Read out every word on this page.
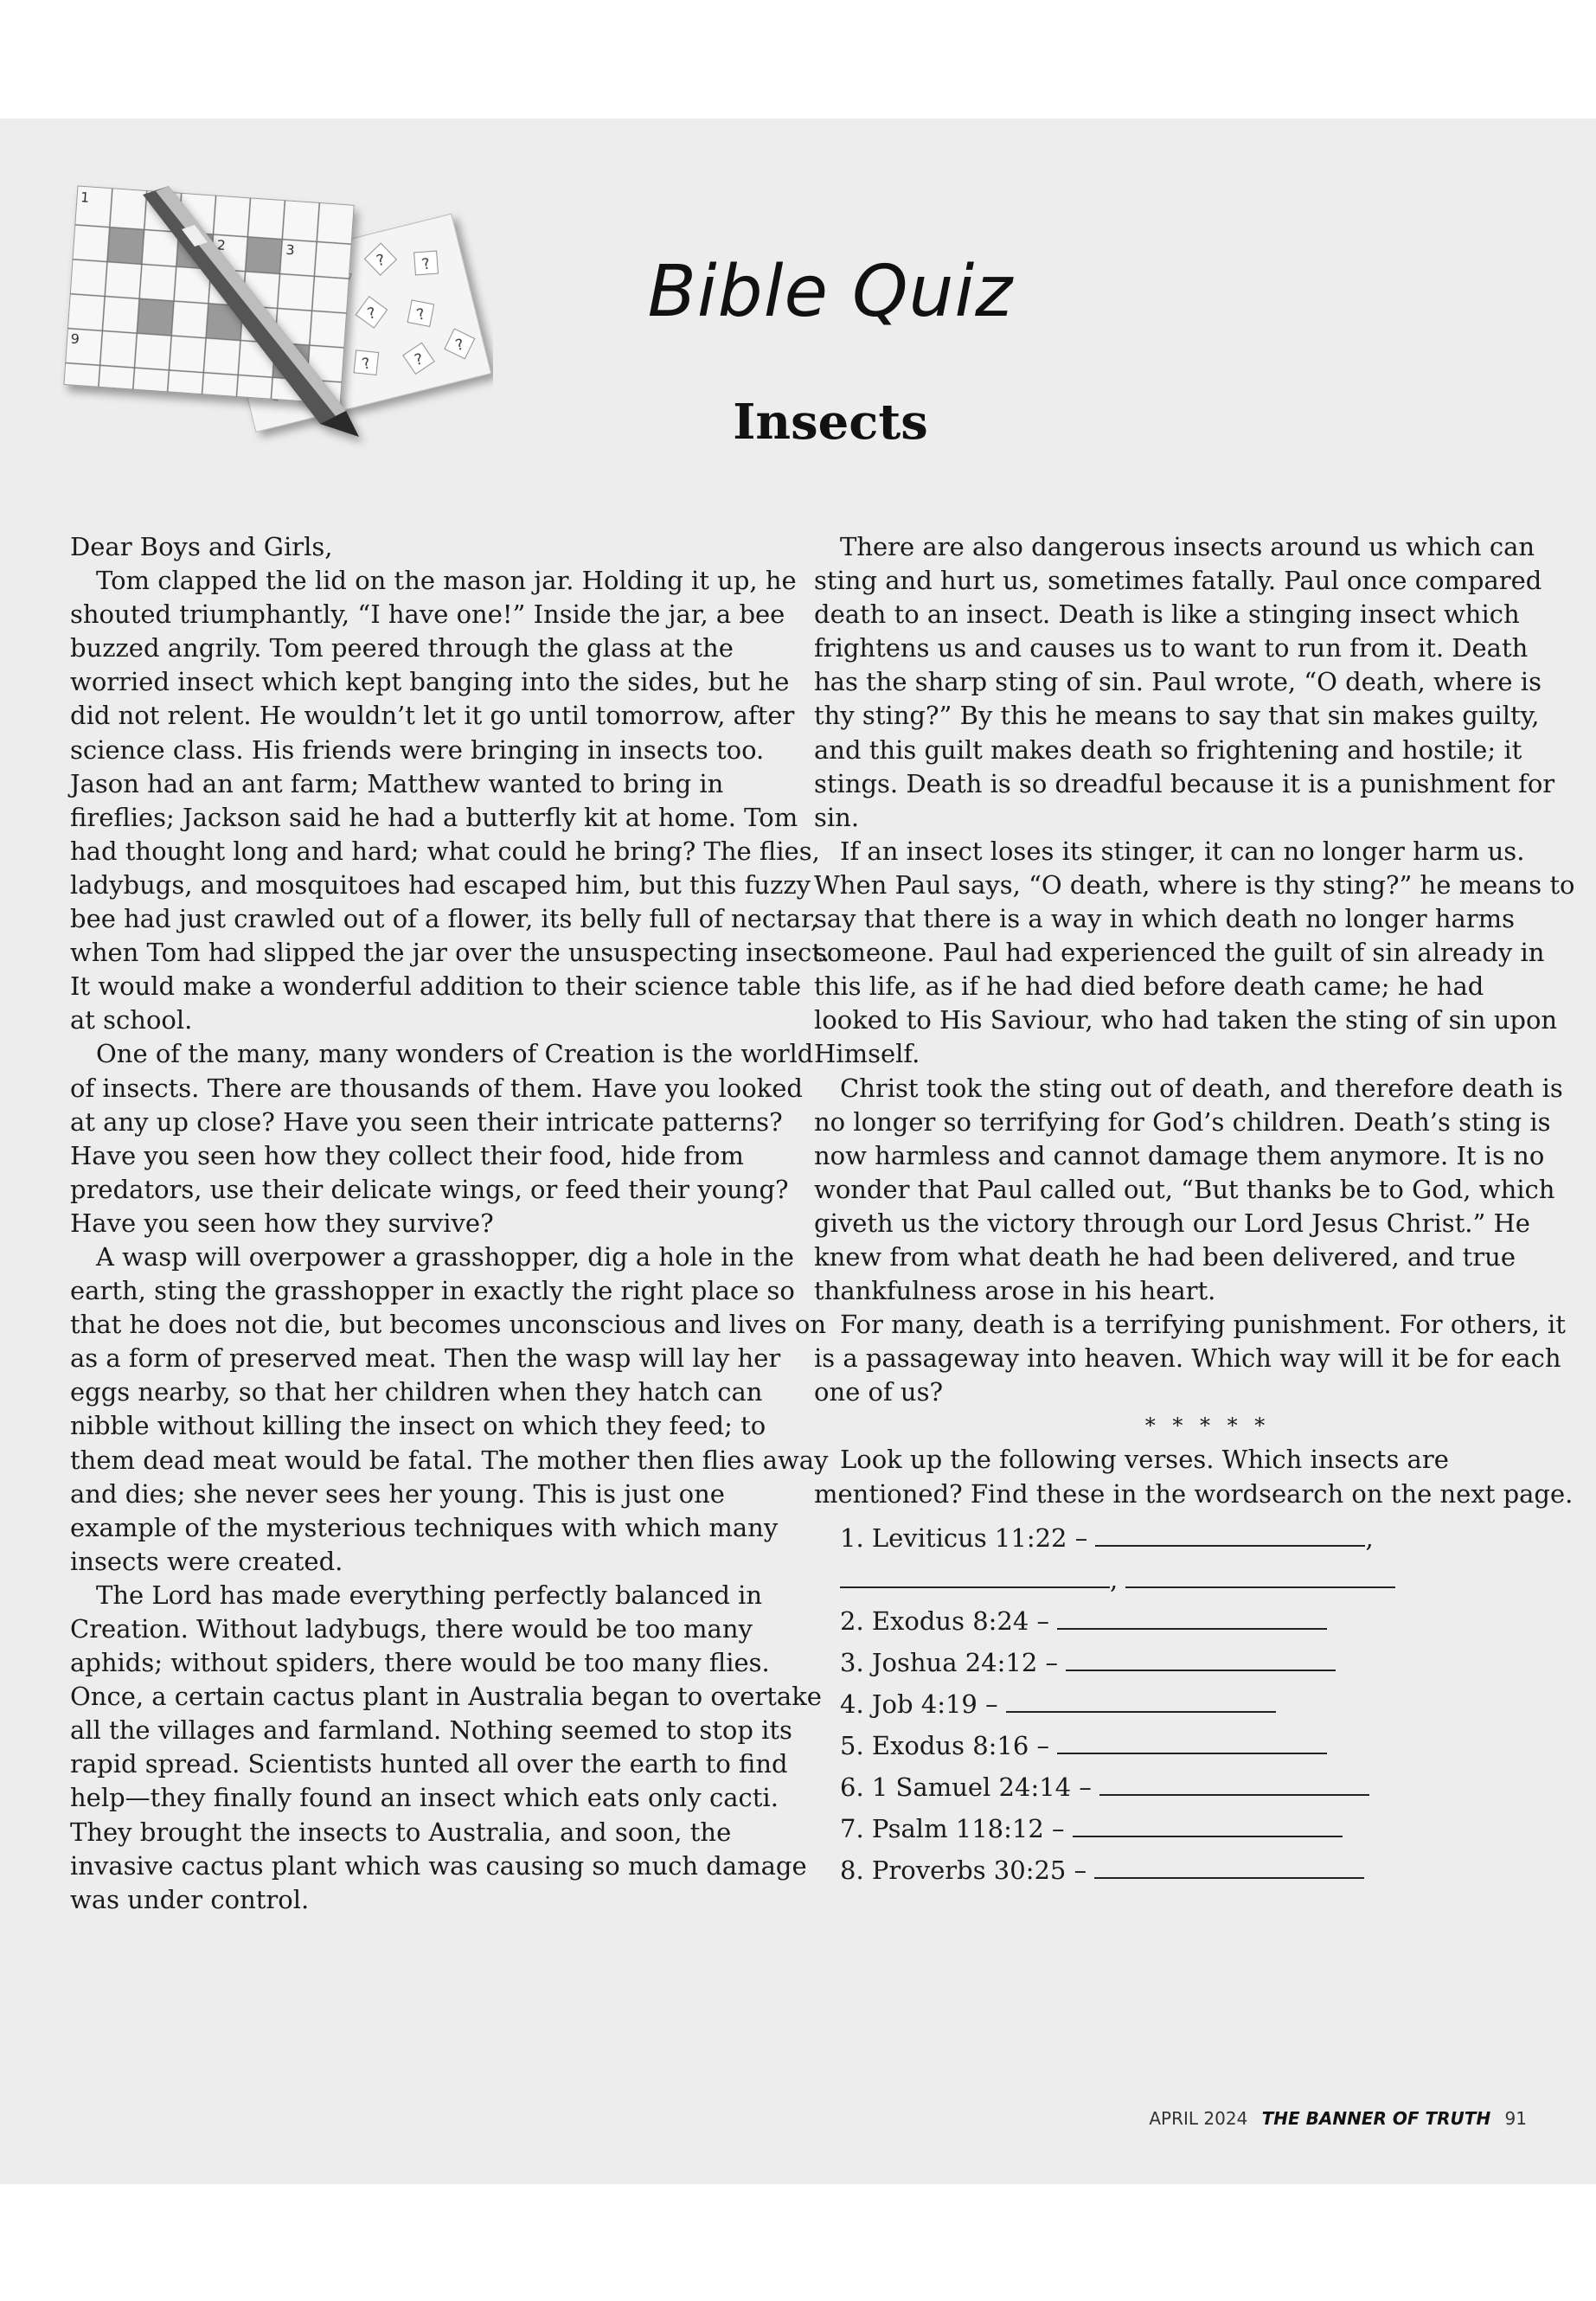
? ?
? ?
?	?
?
1
2	3
9
Bible Quiz
Insects

Dear Boys and Girls,

Tom clapped the lid on the mason jar. Holding it up, he shouted triumphantly, “I have one!” Inside the jar, a bee buzzed angrily. Tom peered through the glass at the worried insect which kept banging into the sides, but he did not relent. He wouldn’t let it go until tomorrow, after science class. His friends were bringing in insects too. Jason had an ant farm; Matthew wanted to bring in fireflies; Jackson said he had a butterfly kit at home. Tom had thought long and hard; what could he bring? The flies, ladybugs, and mosquitoes had escaped him, but this fuzzy bee had just crawled out of a flower, its belly full of nectar, when Tom had slipped the jar over the unsuspecting insect. It would make a wonderful addition to their science table at school.

One of the many, many wonders of Creation is the world of insects. There are thousands of them. Have you looked at any up close? Have you seen their intricate patterns? Have you seen how they collect their food, hide from predators, use their delicate wings, or feed their young? Have you seen how they survive?

A wasp will overpower a grasshopper, dig a hole in the earth, sting the grasshopper in exactly the right place so that he does not die, but becomes unconscious and lives on as a form of preserved meat. Then the wasp will lay her eggs nearby, so that her children when they hatch can nibble without killing the insect on which they feed; to them dead meat would be fatal. The mother then flies away and dies; she never sees her young. This is just one example of the mysterious techniques with which many insects were created.

The Lord has made everything perfectly balanced in Creation. Without ladybugs, there would be too many aphids; without spiders, there would be too many flies. Once, a certain cactus plant in Australia began to overtake all the villages and farmland. Nothing seemed to stop its rapid spread. Scientists hunted all over the earth to find help—they finally found an insect which eats only cacti. They brought the insects to Australia, and soon, the invasive cactus plant which was causing so much damage was under control.

There are also dangerous insects around us which can sting and hurt us, sometimes fatally. Paul once compared death to an insect. Death is like a stinging insect which frightens us and causes us to want to run from it. Death has the sharp sting of sin. Paul wrote, “O death, where is thy sting?” By this he means to say that sin makes guilty, and this guilt makes death so frightening and hostile; it stings. Death is so dreadful because it is a punishment for sin.

If an insect loses its stinger, it can no longer harm us. When Paul says, “O death, where is thy sting?” he means to say that there is a way in which death no longer harms someone. Paul had experienced the guilt of sin already in this life, as if he had died before death came; he had looked to His Saviour, who had taken the sting of sin upon Himself.

Christ took the sting out of death, and therefore death is no longer so terrifying for God’s children. Death’s sting is now harmless and cannot damage them anymore. It is no wonder that Paul called out, “But thanks be to God, which giveth us the victory through our Lord Jesus Christ.” He knew from what death he had been delivered, and true thankfulness arose in his heart.

For many, death is a terrifying punishment. For others, it is a passageway into heaven. Which way will it be for each one of us?

* * * * *

Look up the following verses. Which insects are mentioned? Find these in the wordsearch on the next page.

1. Leviticus 11:22 –	,
,
2. Exodus 8:24 –
3. Joshua 24:12 –
4. Job 4:19 –
5. Exodus 8:16 –
6. 1 Samuel 24:14 –
7. Psalm 118:12 –
8. Proverbs 30:25 –
APRIL 2024 THE BANNER OF TRUTH 91
